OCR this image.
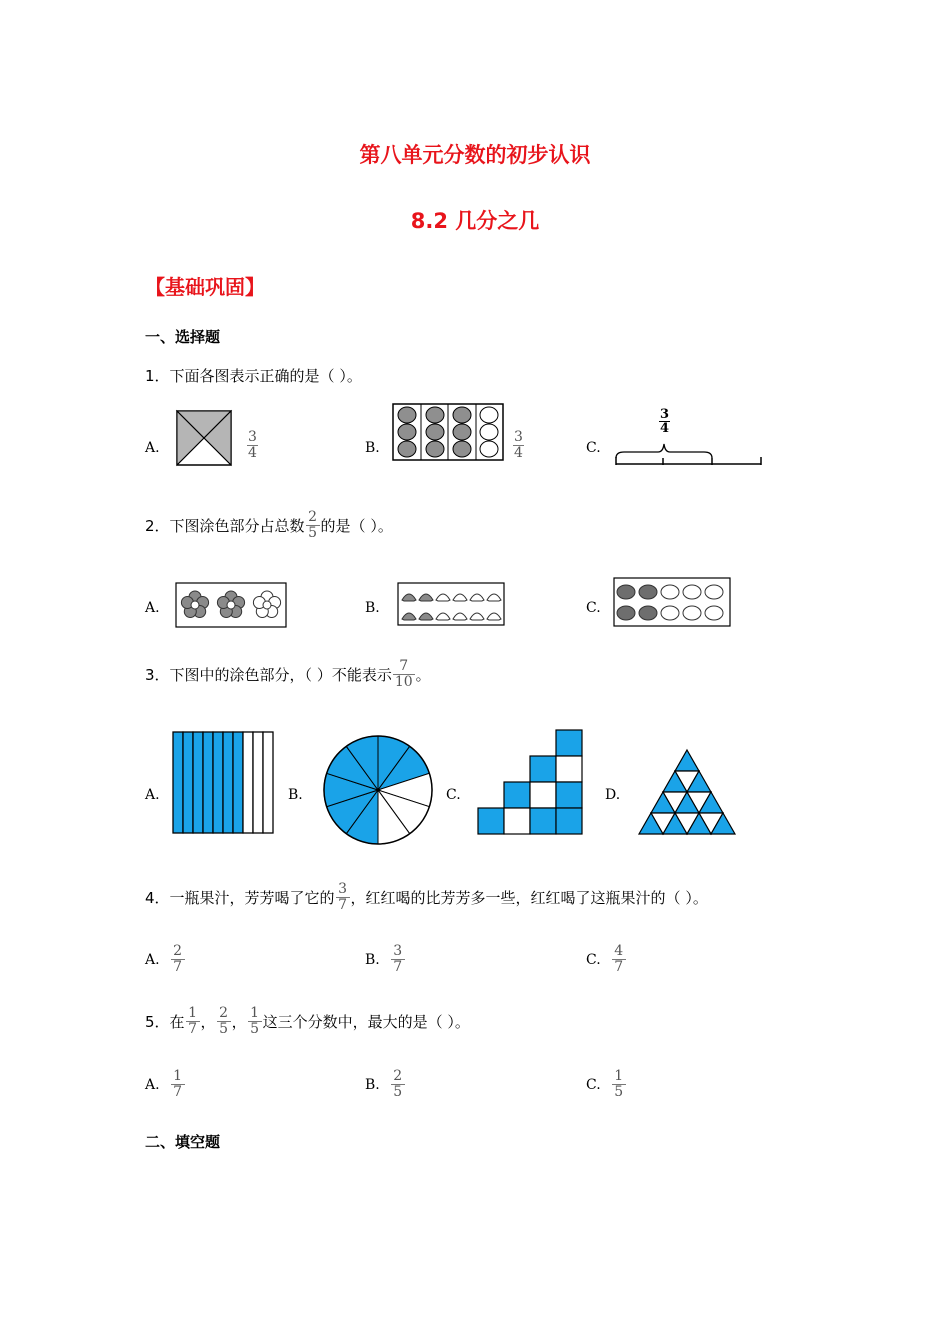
第八单元分数的初步认识
8.2 几分之几
【基础巩固】
一、选择题
1．下面各图表示正确的是（ ）。
A.
3
4	B.
3
4	C.
3
4
2．下图涂色部分占总数 $\frac{2}{5}$ 的是（ ）。
A.	B.	C.
3．下图中的涂色部分，（ ）不能表示 $\frac{7}{10}$ 。
A.	B.	C.	D.
4．一瓶果汁，芳芳喝了它的 $\frac{3}{7}$ ，红红喝的比芳芳多一些，红红喝了这瓶果汁的（ ）。
A. $\frac{2}{7}$	B. $\frac{3}{7}$	C. $\frac{4}{7}$
5．在 $\frac{1}{7}$ ， $\frac{2}{5}$ ， $\frac{1}{5}$ 这三个分数中，最大的是（ ）。
A. $\frac{1}{7}$	B. $\frac{2}{5}$	C. $\frac{1}{5}$
二、填空题
